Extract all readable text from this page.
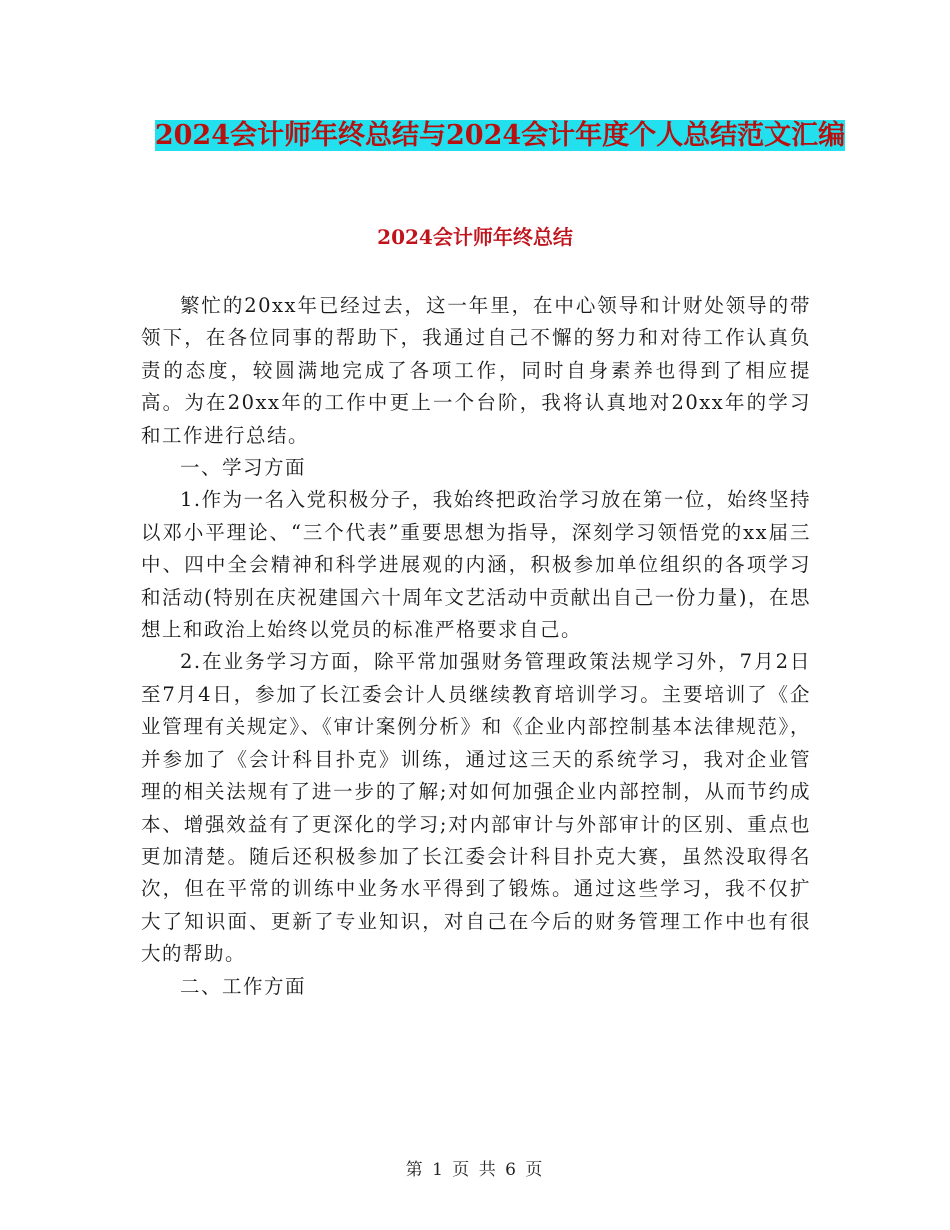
2024会计师年终总结与2024会计年度个人总结范文汇编
2024会计师年终总结

繁忙的20xx年已经过去，这一年里，在中心领导和计财处领导的带领下，在各位同事的帮助下，我通过自己不懈的努力和对待工作认真负责的态度，较圆满地完成了各项工作，同时自身素养也得到了相应提高。为在20xx年的工作中更上一个台阶，我将认真地对20xx年的学习和工作进行总结。

一、学习方面

1.作为一名入党积极分子，我始终把政治学习放在第一位，始终坚持以邓小平理论、“三个代表”重要思想为指导，深刻学习领悟党的xx届三中、四中全会精神和科学进展观的内涵，积极参加单位组织的各项学习和活动(特别在庆祝建国六十周年文艺活动中贡献出自己一份力量)，在思想上和政治上始终以党员的标准严格要求自己。

2.在业务学习方面，除平常加强财务管理政策法规学习外，7月2日至7月4日，参加了长江委会计人员继续教育培训学习。主要培训了《企业管理有关规定》、《审计案例分析》和《企业内部控制基本法律规范》，并参加了《会计科目扑克》训练，通过这三天的系统学习，我对企业管理的相关法规有了进一步的了解;对如何加强企业内部控制，从而节约成本、增强效益有了更深化的学习;对内部审计与外部审计的区别、重点也更加清楚。随后还积极参加了长江委会计科目扑克大赛，虽然没取得名次，但在平常的训练中业务水平得到了锻炼。通过这些学习，我不仅扩大了知识面、更新了专业知识，对自己在今后的财务管理工作中也有很大的帮助。

二、工作方面

第 1 页 共 6 页
